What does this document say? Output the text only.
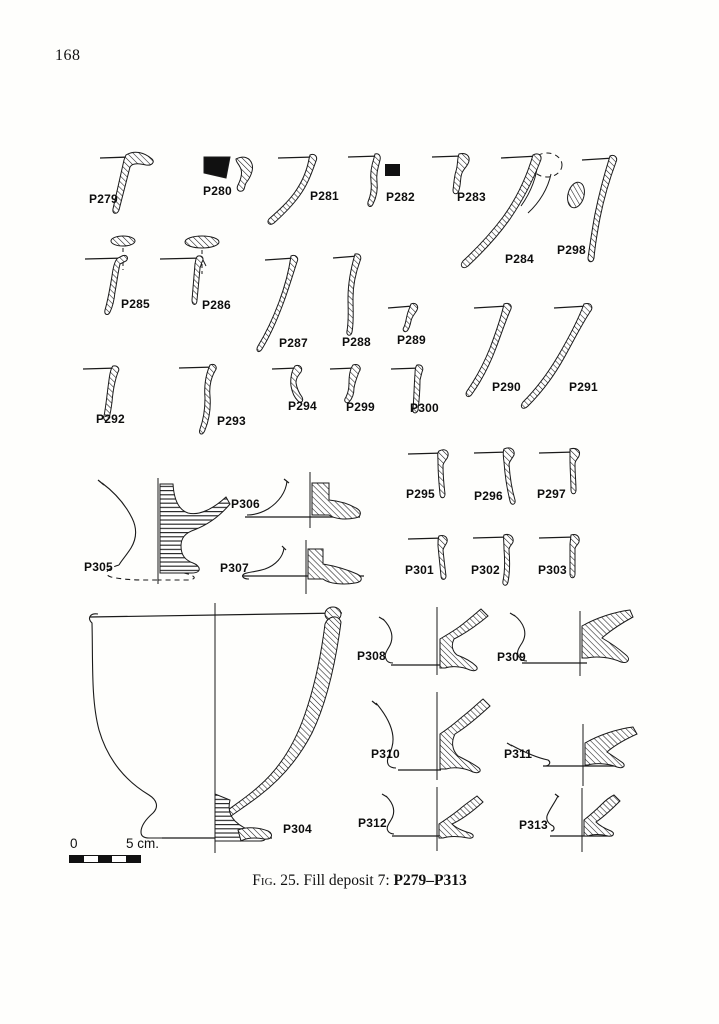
168
P279
P280	P281	P282	P283
P284
P298
P285	P286
P287	P288 P289
P290	P291
P292	P293
P294 P299	P300
P295	P296	P297
P301	P302	P303
P305
P306
P307
P304
P308	P309
P310	P311
P312	P313
0	5 cm.
Fig. 25. Fill deposit 7: P279–P313
